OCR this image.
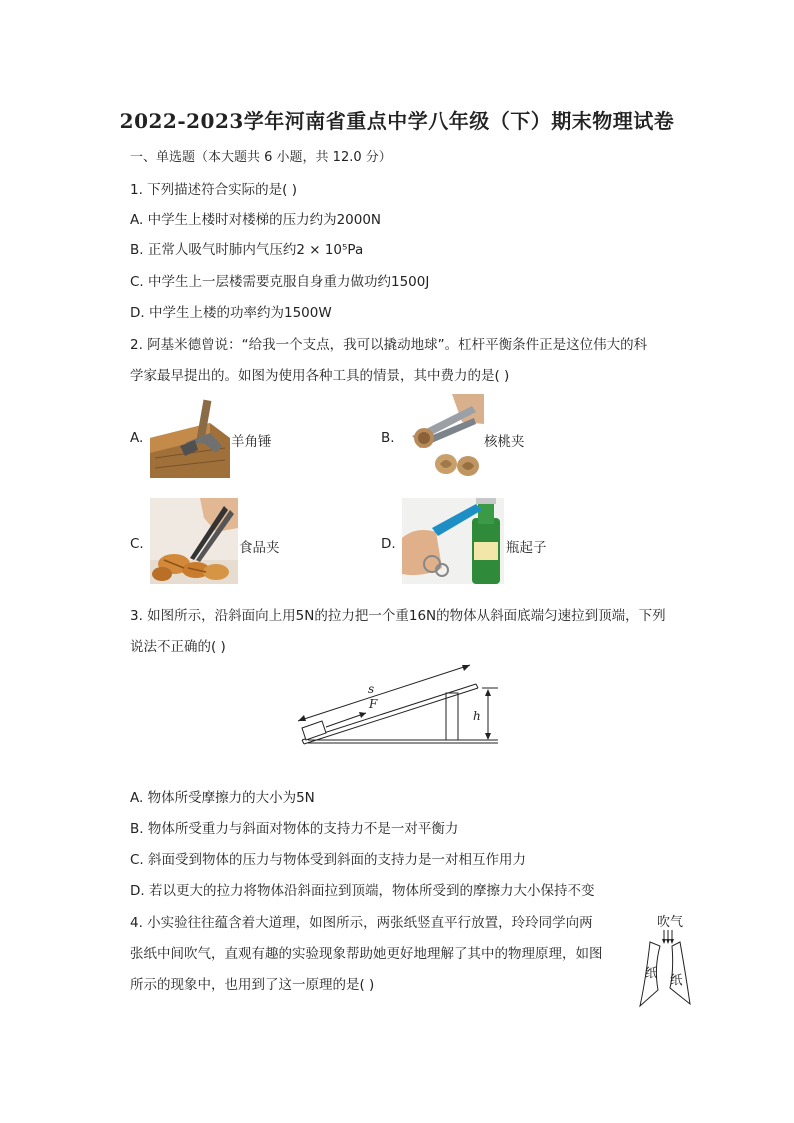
2022-2023学年河南省重点中学八年级（下）期末物理试卷
一、单选题（本大题共 6 小题，共 12.0 分）
1. 下列描述符合实际的是( )
A. 中学生上楼时对楼梯的压力约为2000N
B. 正常人吸气时肺内气压约2 × 10⁵Pa
C. 中学生上一层楼需要克服自身重力做功约1500J
D. 中学生上楼的功率约为1500W
2. 阿基米德曾说：“给我一个支点，我可以撬动地球”。杠杆平衡条件正是这位伟大的科
学家最早提出的。如图为使用各种工具的情景，其中费力的是( )
A.	羊角锤	B.	核桃夹
C.	食品夹	D.	瓶起子
3. 如图所示，沿斜面向上用5N的拉力把一个重16N的物体从斜面底端匀速拉到顶端，下列
说法不正确的( )
s
F
h
A. 物体所受摩擦力的大小为5N
B. 物体所受重力与斜面对物体的支持力不是一对平衡力
C. 斜面受到物体的压力与物体受到斜面的支持力是一对相互作用力
D. 若以更大的拉力将物体沿斜面拉到顶端，物体所受到的摩擦力大小保持不变
4. 小实验往往蕴含着大道理，如图所示，两张纸竖直平行放置，玲玲同学向两
张纸中间吹气，直观有趣的实验现象帮助她更好地理解了其中的物理原理，如图
所示的现象中，也用到了这一原理的是( )
吹气
纸 纸
